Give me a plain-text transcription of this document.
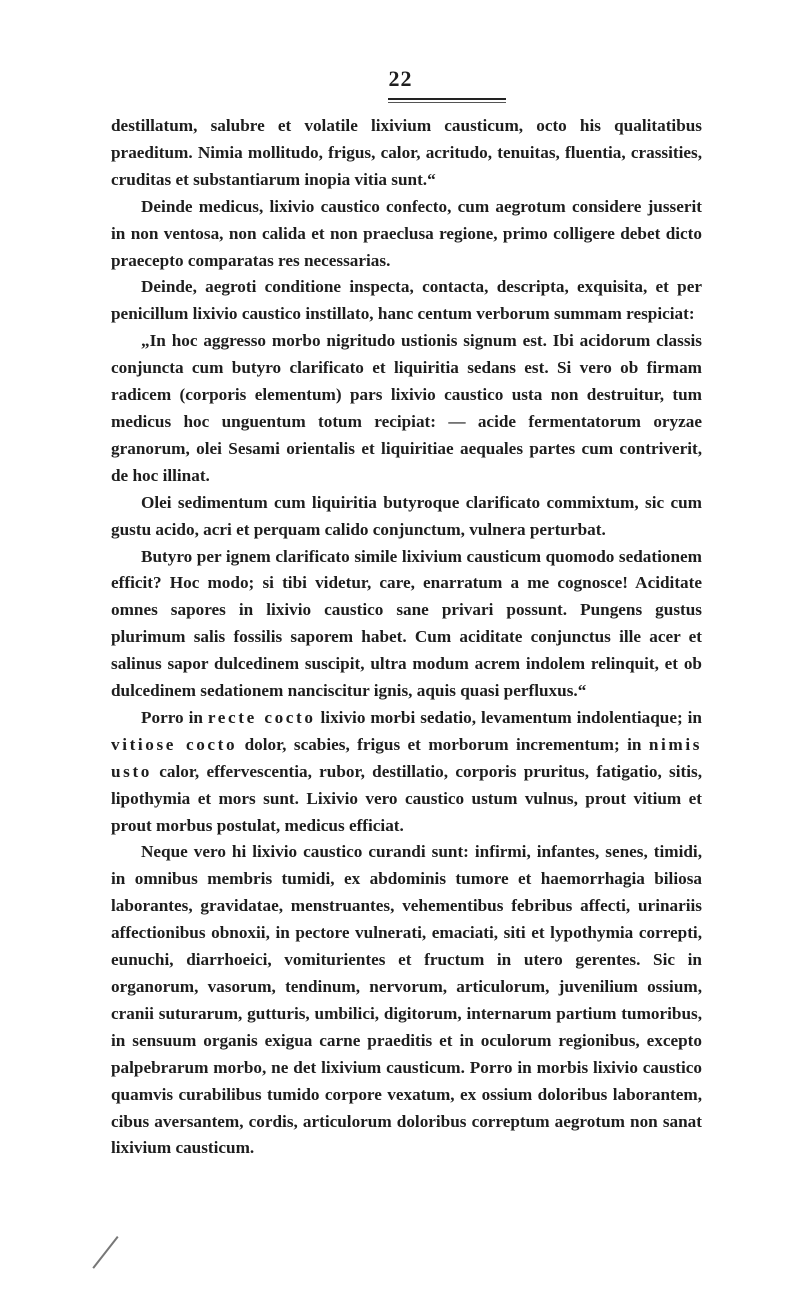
22

destillatum, salubre et volatile lixivium causticum, octo his qualitatibus praeditum. Nimia mollitudo, frigus, calor, acritudo, tenuitas, fluentia, crassities, cruditas et substantiarum inopia vitia sunt.“

Deinde medicus, lixivio caustico confecto, cum aegrotum considere jusserit in non ventosa, non calida et non praeclusa regione, primo colligere debet dicto praecepto comparatas res necessarias.

Deinde, aegroti conditione inspecta, contacta, descripta, exquisita, et per penicillum lixivio caustico instillato, hanc centum verborum summam respiciat:

„In hoc aggresso morbo nigritudo ustionis signum est. Ibi acidorum classis conjuncta cum butyro clarificato et liquiritia sedans est. Si vero ob firmam radicem (corporis elementum) pars lixivio caustico usta non destruitur, tum medicus hoc unguentum totum recipiat: — acide fermentatorum oryzae granorum, olei Sesami orientalis et liquiritiae aequales partes cum contriverit, de hoc illinat.

Olei sedimentum cum liquiritia butyroque clarificato commixtum, sic cum gustu acido, acri et perquam calido conjunctum, vulnera perturbat.

Butyro per ignem clarificato simile lixivium causticum quomodo sedationem efficit? Hoc modo; si tibi videtur, care, enarratum a me cognosce! Aciditate omnes sapores in lixivio caustico sane privari possunt. Pungens gustus plurimum salis fossilis saporem habet. Cum aciditate conjunctus ille acer et salinus sapor dulcedinem suscipit, ultra modum acrem indolem relinquit, et ob dulcedinem sedationem nanciscitur ignis, aquis quasi perfluxus.“

Porro in recte cocto lixivio morbi sedatio, levamentum indolentiaque; in vitiose cocto dolor, scabies, frigus et morborum incrementum; in nimis usto calor, effervescentia, rubor, destillatio, corporis pruritus, fatigatio, sitis, lipothymia et mors sunt. Lixivio vero caustico ustum vulnus, prout vitium et prout morbus postulat, medicus efficiat.

Neque vero hi lixivio caustico curandi sunt: infirmi, infantes, senes, timidi, in omnibus membris tumidi, ex abdominis tumore et haemorrhagia biliosa laborantes, gravidatae, menstruantes, vehementibus febribus affecti, urinariis affectionibus obnoxii, in pectore vulnerati, emaciati, siti et lypothymia correpti, eunuchi, diarrhoeici, vomiturientes et fructum in utero gerentes. Sic in organorum, vasorum, tendinum, nervorum, articulorum, juvenilium ossium, cranii suturarum, gutturis, umbilici, digitorum, internarum partium tumoribus, in sensuum organis exigua carne praeditis et in oculorum regionibus, excepto palpebrarum morbo, ne det lixivium causticum. Porro in morbis lixivio caustico quamvis curabilibus tumido corpore vexatum, ex ossium doloribus laborantem, cibus aversantem, cordis, articulorum doloribus correptum aegrotum non sanat lixivium causticum.
